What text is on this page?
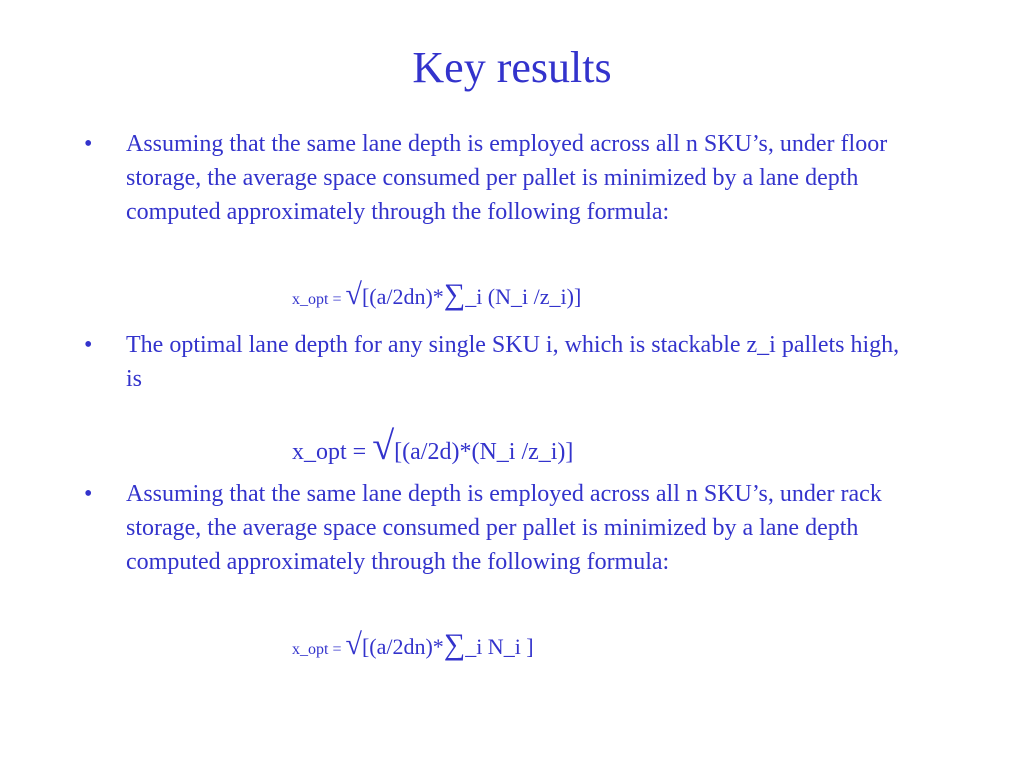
Key results
• Assuming that the same lane depth is employed across all n SKU’s, under floor storage, the average space consumed per pallet is minimized by a lane depth computed approximately through the following formula:
x_opt = √[(a/2dn)*∑_i (N_i /z_i)]
• The optimal lane depth for any single SKU i, which is stackable z_i pallets high, is
x_opt = √[(a/2d)*(N_i /z_i)]
• Assuming that the same lane depth is employed across all n SKU’s, under rack storage, the average space consumed per pallet is minimized by a lane depth computed approximately through the following formula:
x_opt = √[(a/2dn)*∑_i N_i ]
